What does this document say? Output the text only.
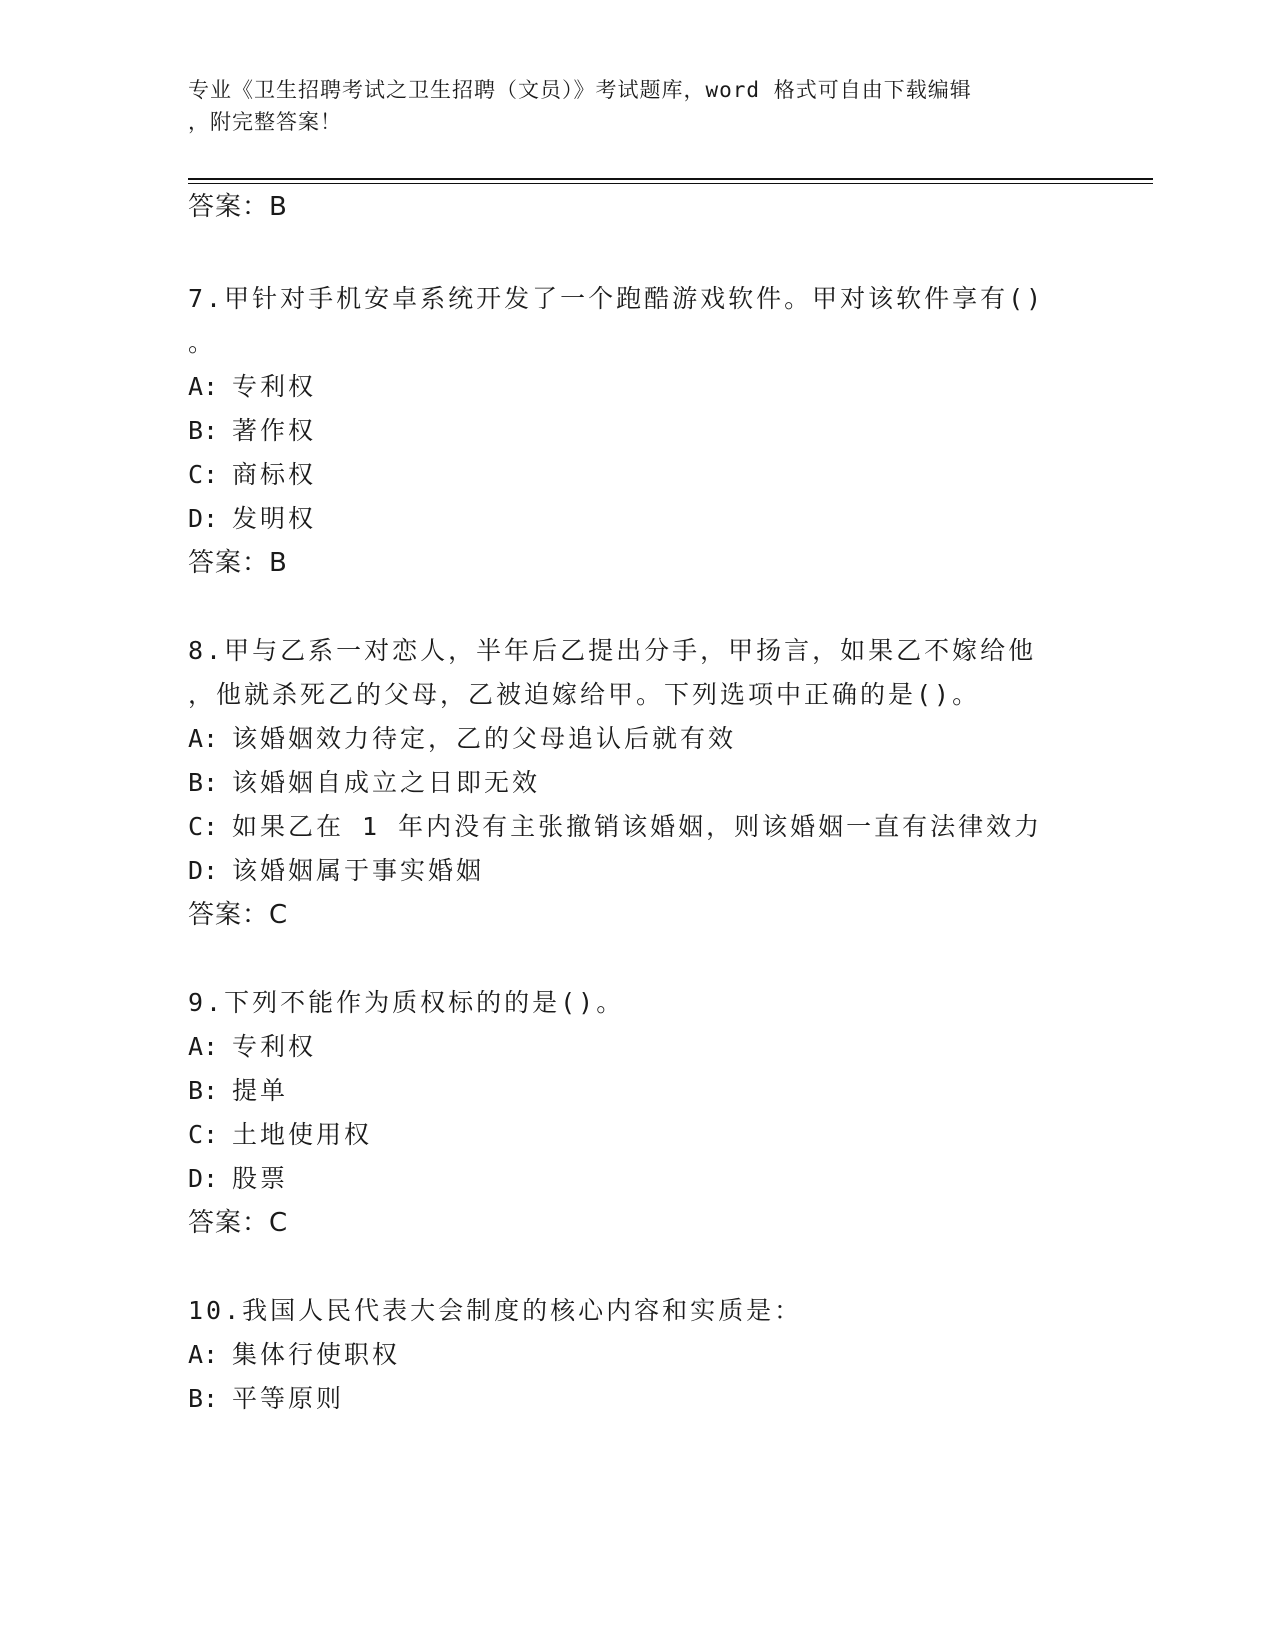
专业《卫生招聘考试之卫生招聘（文员）》考试题库，word 格式可自由下载编辑
，附完整答案！
答案：B
7.甲针对手机安卓系统开发了一个跑酷游戏软件。甲对该软件享有()
。
A: 专利权
B: 著作权
C: 商标权
D: 发明权
答案：B
8.甲与乙系一对恋人，半年后乙提出分手，甲扬言，如果乙不嫁给他
，他就杀死乙的父母，乙被迫嫁给甲。下列选项中正确的是()。
A: 该婚姻效力待定，乙的父母追认后就有效
B: 该婚姻自成立之日即无效
C: 如果乙在 1 年内没有主张撤销该婚姻，则该婚姻一直有法律效力
D: 该婚姻属于事实婚姻
答案：C
9.下列不能作为质权标的的是()。
A: 专利权
B: 提单
C: 土地使用权
D: 股票
答案：C
10.我国人民代表大会制度的核心内容和实质是：
A: 集体行使职权
B: 平等原则
